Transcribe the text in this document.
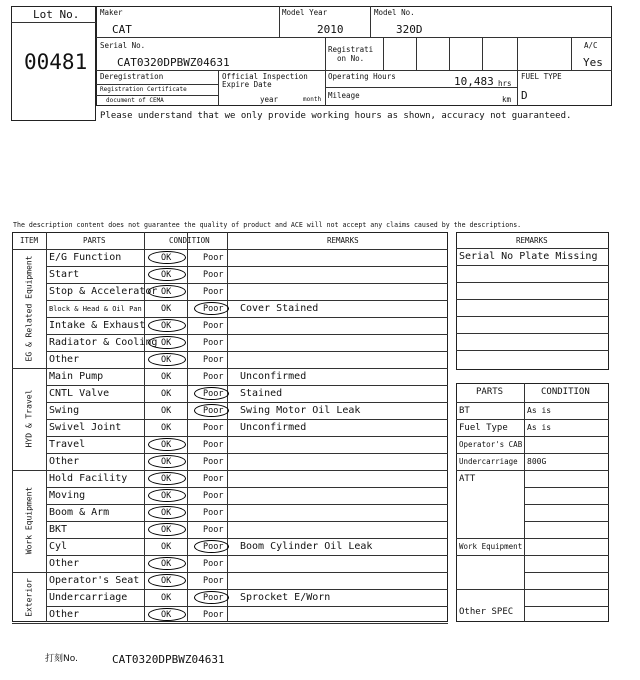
Lot No.
00481
Maker
CAT
Model Year
2010
Model No.
320D
Serial No.
CAT0320DPBWZ04631
Registrati
on No.
A/C
Yes
Deregistration
Registration Certificate
document of CEMA
Official Inspection
Expire Date
year	month
Operating Hours	10,483 hrs
Mileage	km
FUEL TYPE
D
Please understand that we only provide working hours as shown, accuracy not guaranteed.
The description content does not guarantee the quality of product and ACE will not accept any claims caused by the descriptions.
ITEM	PARTS	CONDITION	REMARKS
E/G Function	OK	Poor
Start	OK	Poor
Stop & Accelerator OK	Poor
Block & Head & Oil Pan OK	Poor Cover Stained
Intake & Exhaust OK	Poor
Radiator & Cooling OK	Poor
Other	OK	Poor
EG & Related Equipment
Main Pump	OK	Poor Unconfirmed
CNTL Valve	OK	Poor Stained
Swing	OK	Poor Swing Motor Oil Leak
Swivel Joint	OK	Poor Unconfirmed
Travel	OK	Poor
Other	OK	Poor
HYD & Travel
Hold Facility	OK	Poor
Moving	OK	Poor
Boom & Arm	OK	Poor
BKT	OK	Poor
Cyl	OK	Poor Boom Cylinder Oil Leak
Other	OK	Poor
Work Equipment
Operator's Seat	OK	Poor
Undercarriage	OK	Poor Sprocket E/Worn
Other	OK	Poor
Exterior
REMARKS
Serial No Plate Missing
PARTS	CONDITION
BT	As is
Fuel Type As is
Operator's CAB
Undercarriage 800G
ATT
Work Equipment
Other SPEC
打刻No.	CAT0320DPBWZ04631
